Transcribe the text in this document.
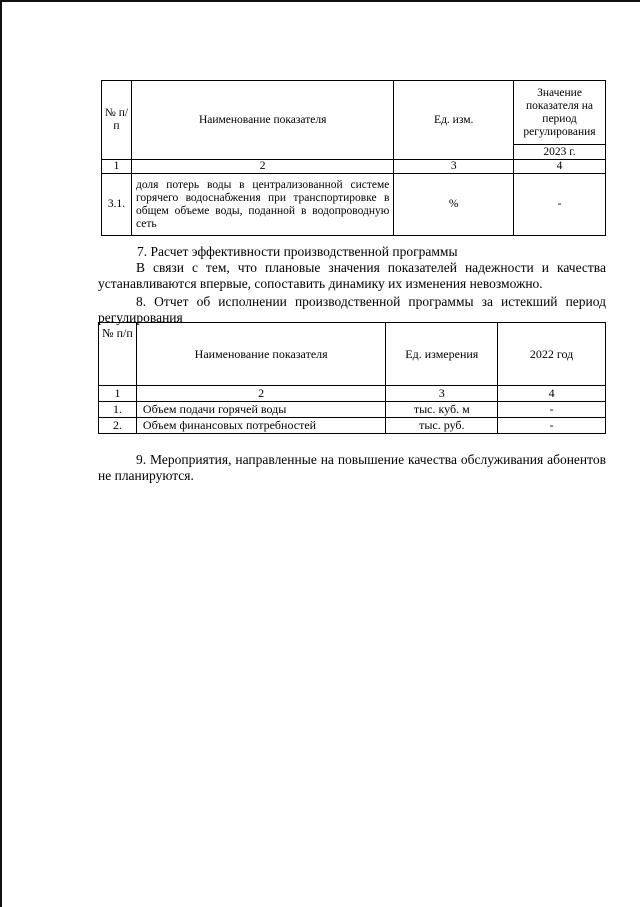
№ п/п	Наименование показателя	Ед. изм.	Значение показателя на период регулирования
			2023 г.
1	2	3	4
3.1.	доля потерь воды в централизованной системе горячего водоснабжения при транспортировке в общем объеме воды, поданной в водопроводную сеть	%	-
7. Расчет эффективности производственной программы
В связи с тем, что плановые значения показателей надежности и качества устанавливаются впервые, сопоставить динамику их изменения невозможно.
8. Отчет об исполнении производственной программы за истекший период регулирования
№ п/п	Наименование показателя	Ед. измерения	2022 год
1	2	3	4
1.	Объем подачи горячей воды	тыс. куб. м	-
2.	Объем финансовых потребностей	тыс. руб.	-
9. Мероприятия, направленные на повышение качества обслуживания абонентов не планируются.
